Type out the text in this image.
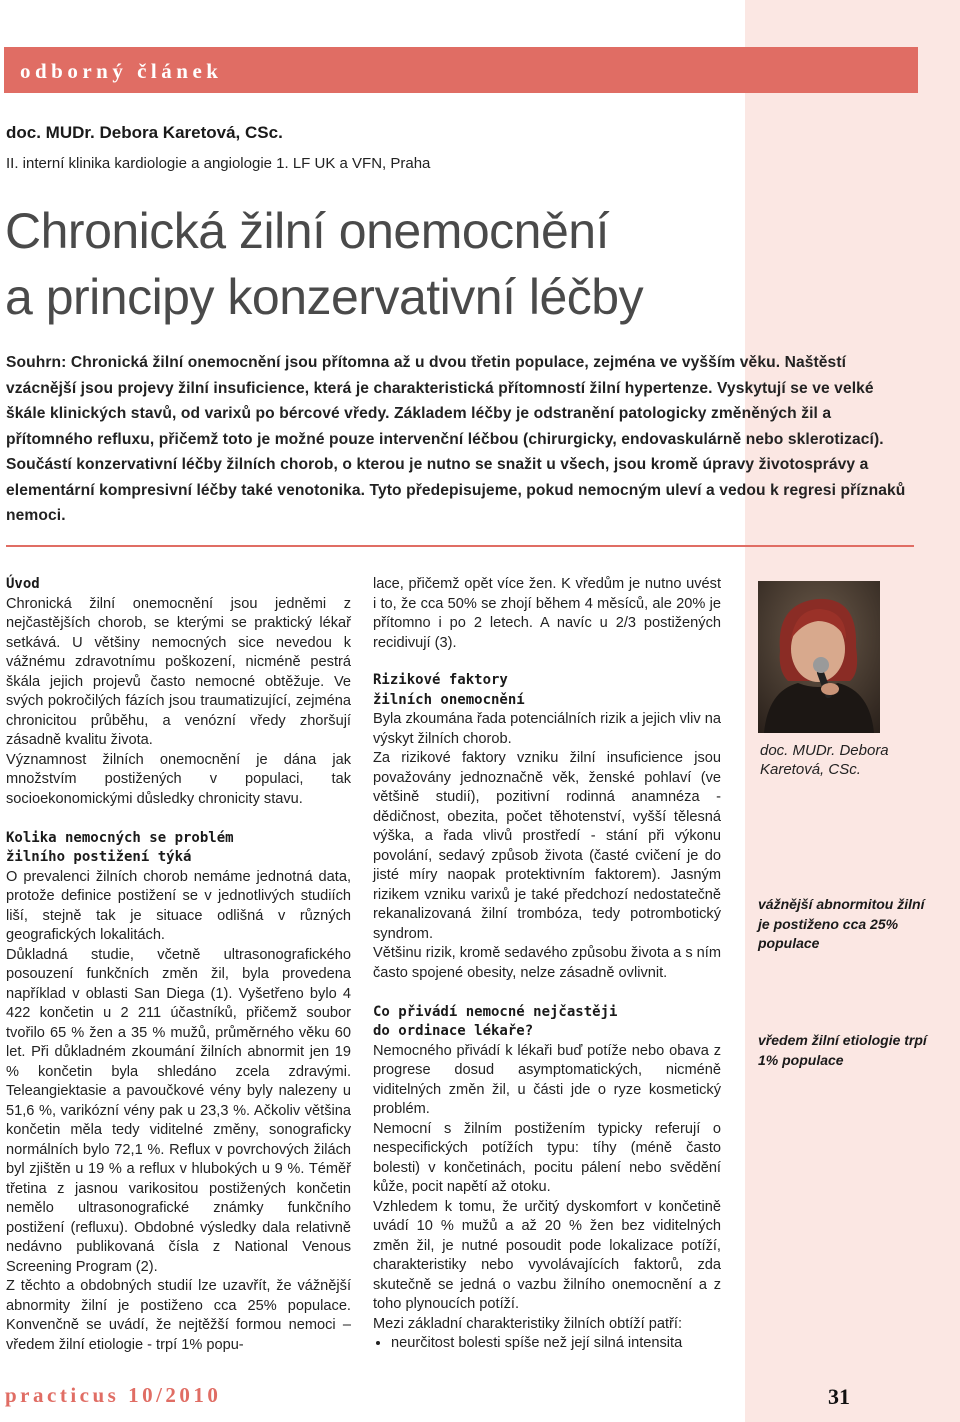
odborný článek
doc. MUDr. Debora Karetová, CSc.
II. interní klinika kardiologie a angiologie 1. LF UK a VFN, Praha
Chronická žilní onemocnění
a principy konzervativní léčby

Souhrn: Chronická žilní onemocnění jsou přítomna až u dvou třetin populace, zejména ve vyšším věku. Naštěstí vzácnější jsou projevy žilní insuficience, která je charakteristická přítomností žilní hypertenze. Vyskytují se ve velké škále klinických stavů, od varixů po bércové vředy. Základem léčby je odstranění patologicky změněných žil a přítomného refluxu, přičemž toto je možné pouze intervenční léčbou (chirurgicky, endovaskulárně nebo sklerotizací). Součástí konzervativní léčby žilních chorob, o kterou je nutno se snažit u všech, jsou kromě úpravy životosprávy a elementární kompresivní léčby také venotonika. Tyto předepisujeme, pokud nemocným uleví a vedou k regresi příznaků nemoci.

Úvod

Chronická žilní onemocnění jsou jedněmi z nejčastějších chorob, se kterými se praktický lékař setkává. U většiny nemocných sice nevedou k vážnému zdravotnímu poškození, nicméně pestrá škála jejich projevů často nemocné obtěžuje. Ve svých pokročilých fázích jsou traumatizující, zejména chronicitou průběhu, a venózní vředy zhoršují zásadně kvalitu života.

Významnost žilních onemocnění je dána jak množstvím postižených v populaci, tak socioekonomickými důsledky chronicity stavu.

Kolika nemocných se problém
žilního postižení týká

O prevalenci žilních chorob nemáme jednotná data, protože definice postižení se v jednotlivých studiích liší, stejně tak je situace odlišná v různých geografických lokalitách.

Důkladná studie, včetně ultrasonografického posouzení funkčních změn žil, byla provedena například v oblasti San Diega (1). Vyšetřeno bylo 4 422 končetin u 2 211 účastníků, přičemž soubor tvořilo 65 % žen a 35 % mužů, průměrného věku 60 let. Při důkladném zkoumání žilních abnormit jen 19 % končetin byla shledáno zcela zdravými. Teleangiektasie a pavoučkové vény byly nalezeny u 51,6 %, varikózní vény pak u 23,3 %. Ačkoliv většina končetin měla tedy viditelné změny, sonograficky normálních bylo 72,1 %. Reflux v povrchových žilách byl zjištěn u 19 % a reflux v hlubokých u 9 %. Téměř třetina z jasnou varikositou postižených končetin nemělo ultrasonografické známky funkčního postižení (refluxu). Obdobné výsledky dala relativně nedávno publikovaná čísla z National Venous Screening Program (2).

Z těchto a obdobných studií lze uzavřít, že vážnější abnormity žilní je postiženo cca 25% populace. Konvenčně se uvádí, že nejtěžší formou nemoci – vředem žilní etiologie - trpí 1% popu-

lace, přičemž opět více žen. K vředům je nutno uvést i to, že cca 50% se zhojí během 4 měsíců, ale 20% je přítomno i po 2 letech. A navíc u 2/3 postižených recidivují (3).

Rizikové faktory
žilních onemocnění

Byla zkoumána řada potenciálních rizik a jejich vliv na výskyt žilních chorob.

Za rizikové faktory vzniku žilní insuficience jsou považovány jednoznačně věk, ženské pohlaví (ve většině studií), pozitivní rodinná anamnéza - dědičnost, obezita, počet těhotenství, vyšší tělesná výška, a řada vlivů prostředí - stání při výkonu povolání, sedavý způsob života (časté cvičení je do jisté míry naopak protektivním faktorem). Jasným rizikem vzniku varixů je také předchozí nedostatečně rekanalizovaná žilní trombóza, tedy potrombotický syndrom.

Většinu rizik, kromě sedavého způsobu života a s ním často spojené obesity, nelze zásadně ovlivnit.

Co přivádí nemocné nejčastěji
do ordinace lékaře?

Nemocného přivádí k lékaři buď potíže nebo obava z progrese dosud asymptomatických, nicméně viditelných změn žil, u části jde o ryze kosmetický problém.

Nemocní s žilním postižením typicky referují o nespecifických potížích typu: tíhy (méně často bolesti) v končetinách, pocitu pálení nebo svědění kůže, pocit napětí až otoku.

Vzhledem k tomu, že určitý dyskomfort v končetině uvádí 10 % mužů a až 20 % žen bez viditelných změn žil, je nutné posoudit pode lokalizace potíží, charakteristiky nebo vyvolávajících faktorů, zda skutečně se jedná o vazbu žilního onemocnění a z toho plynoucích potíží.

Mezi základní charakteristiky žilních obtíží patří:

• neurčitost bolesti spíše než její silná intensita
doc. MUDr. Debora
Karetová, CSc.
vážnější abnormitou žilní je postiženo cca 25% populace
vředem žilní etiologie trpí 1% populace
practicus 10/2010	31
